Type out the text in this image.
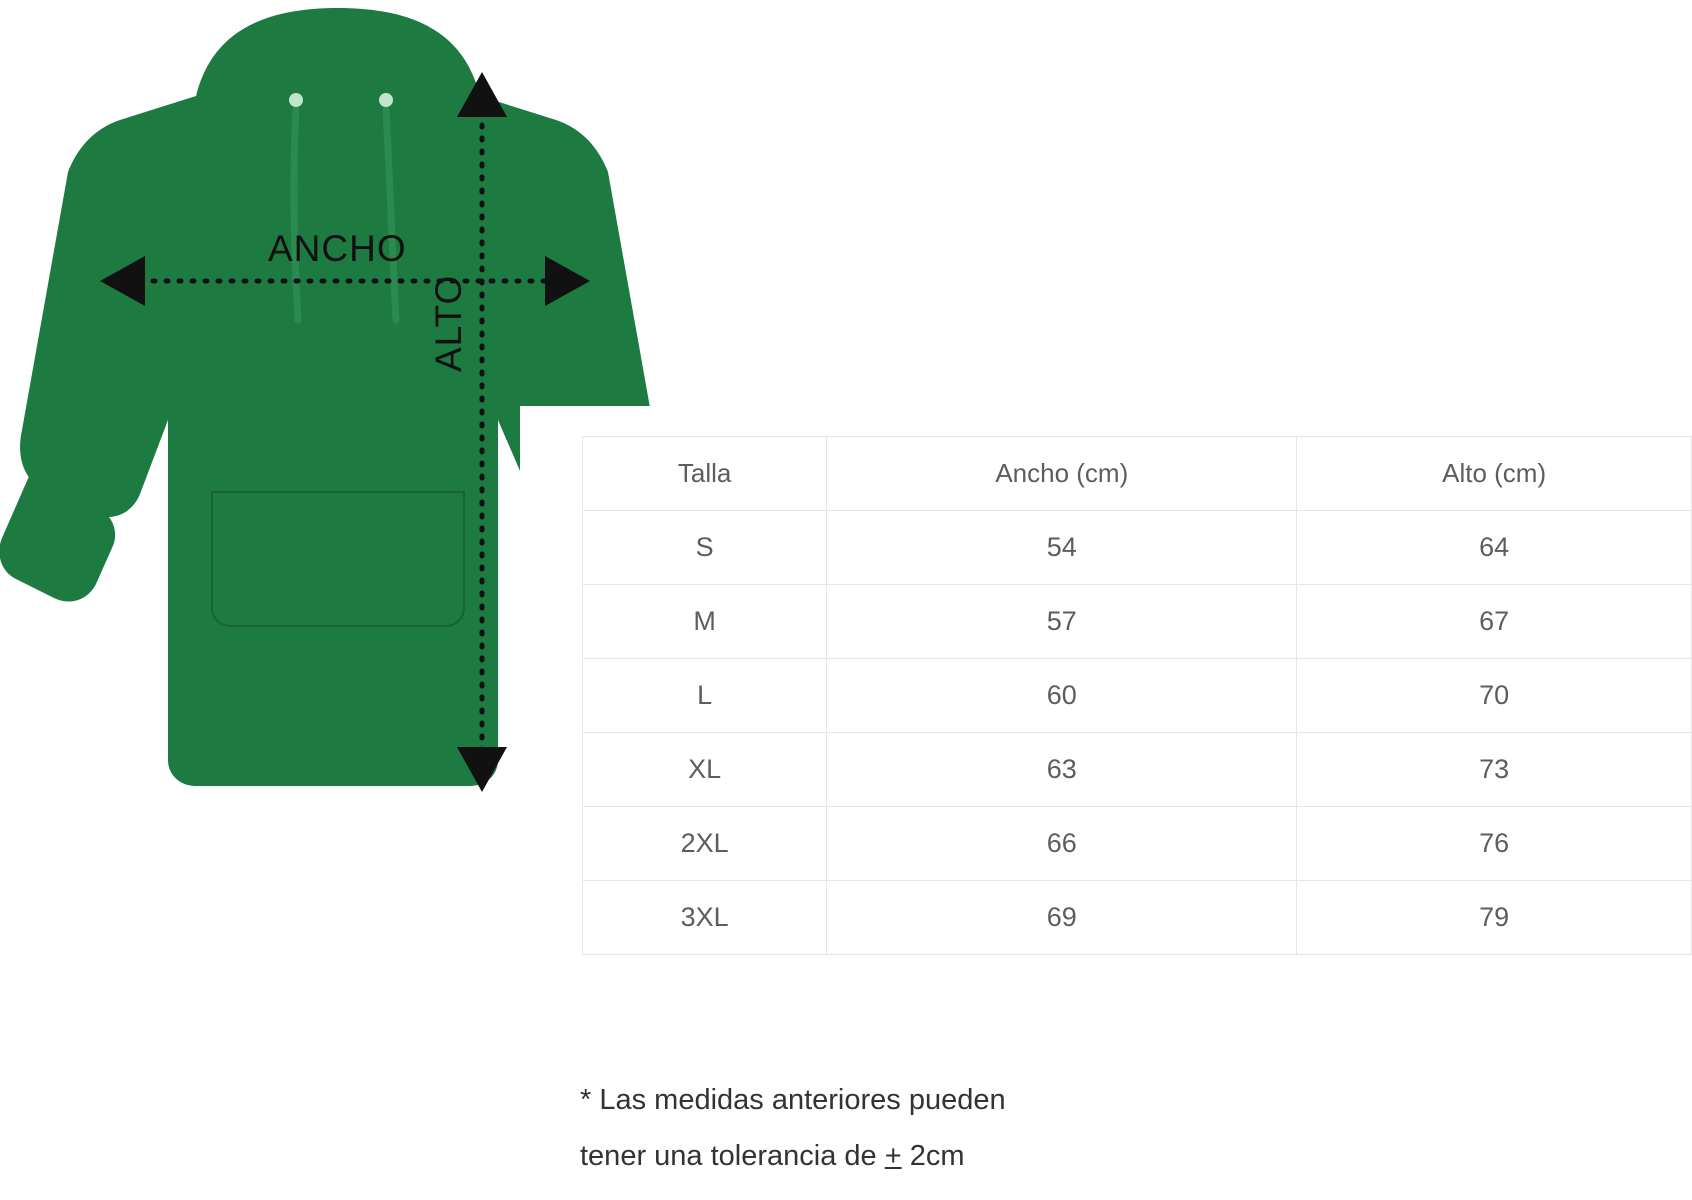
ANCHO
ALTO
Talla	Ancho (cm)	Alto (cm)
S	54	64
M	57	67
L	60	70
XL	63	73
2XL	66	76
3XL	69	79
* Las medidas anteriores pueden
tener una tolerancia de + 2cm
